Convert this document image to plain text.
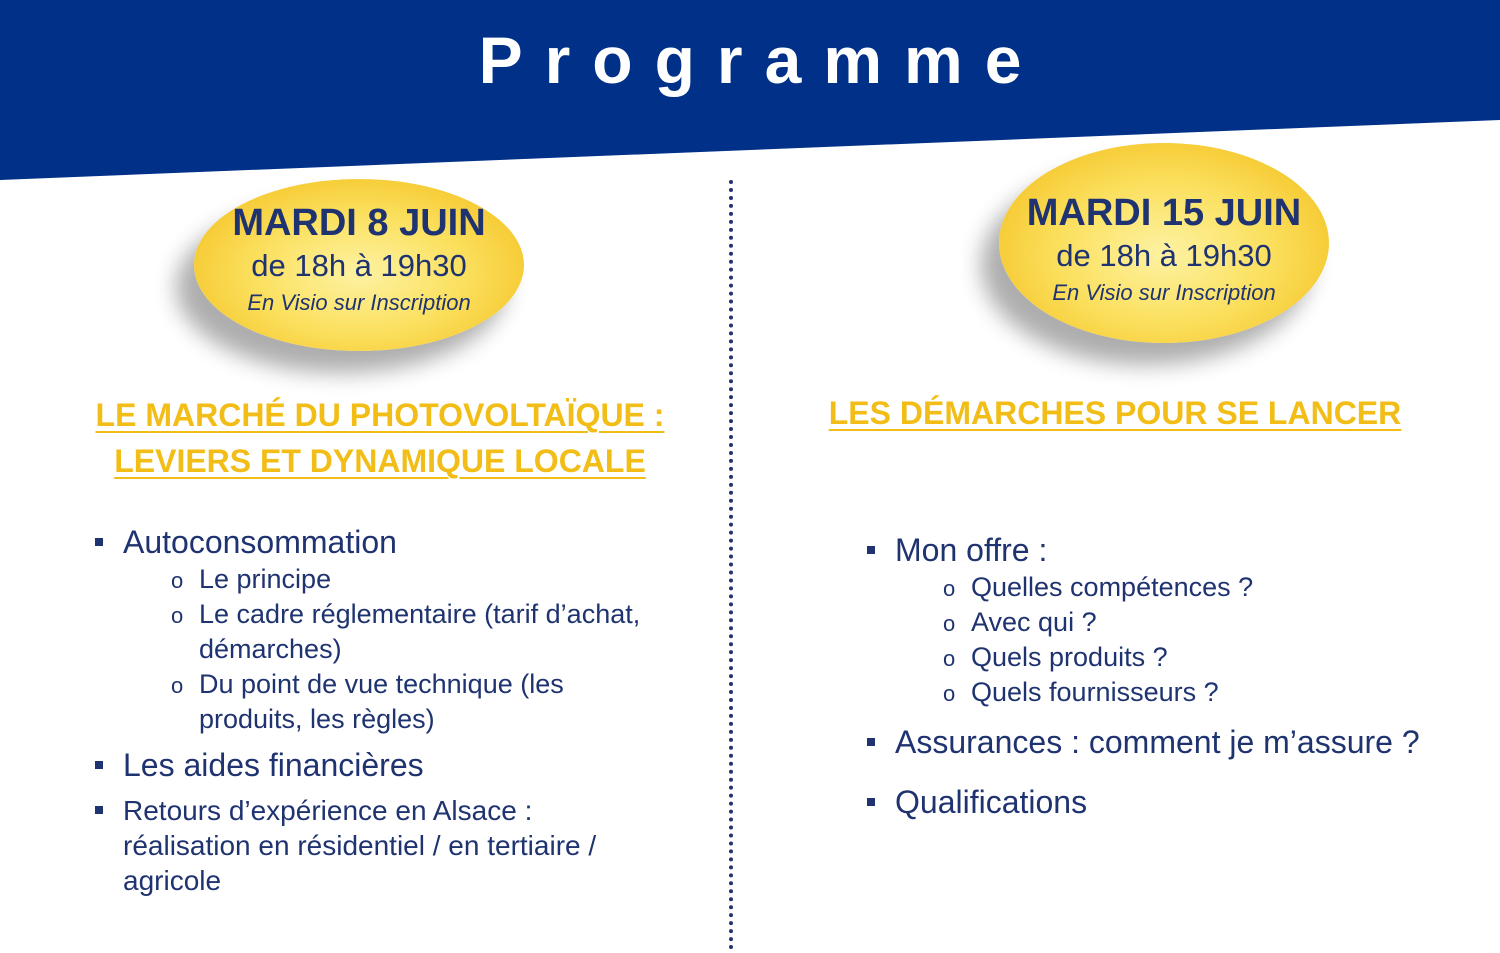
Programme
MARDI 8 JUIN
de 18h à 19h30
En Visio sur Inscription
LE MARCHÉ DU PHOTOVOLTAÏQUE :
LEVIERS ET DYNAMIQUE LOCALE
Autoconsommation
o Le principe
o Le cadre réglementaire (tarif d’achat, démarches)
o Du point de vue technique (les produits, les règles)
Les aides financières
Retours d’expérience en Alsace : réalisation en résidentiel / en tertiaire / agricole
MARDI 15 JUIN
de 18h à 19h30
En Visio sur Inscription
LES DÉMARCHES POUR SE LANCER
Mon offre :
o Quelles compétences ?
o Avec qui ?
o Quels produits ?
o Quels fournisseurs ?
Assurances : comment je m’assure ?
Qualifications
